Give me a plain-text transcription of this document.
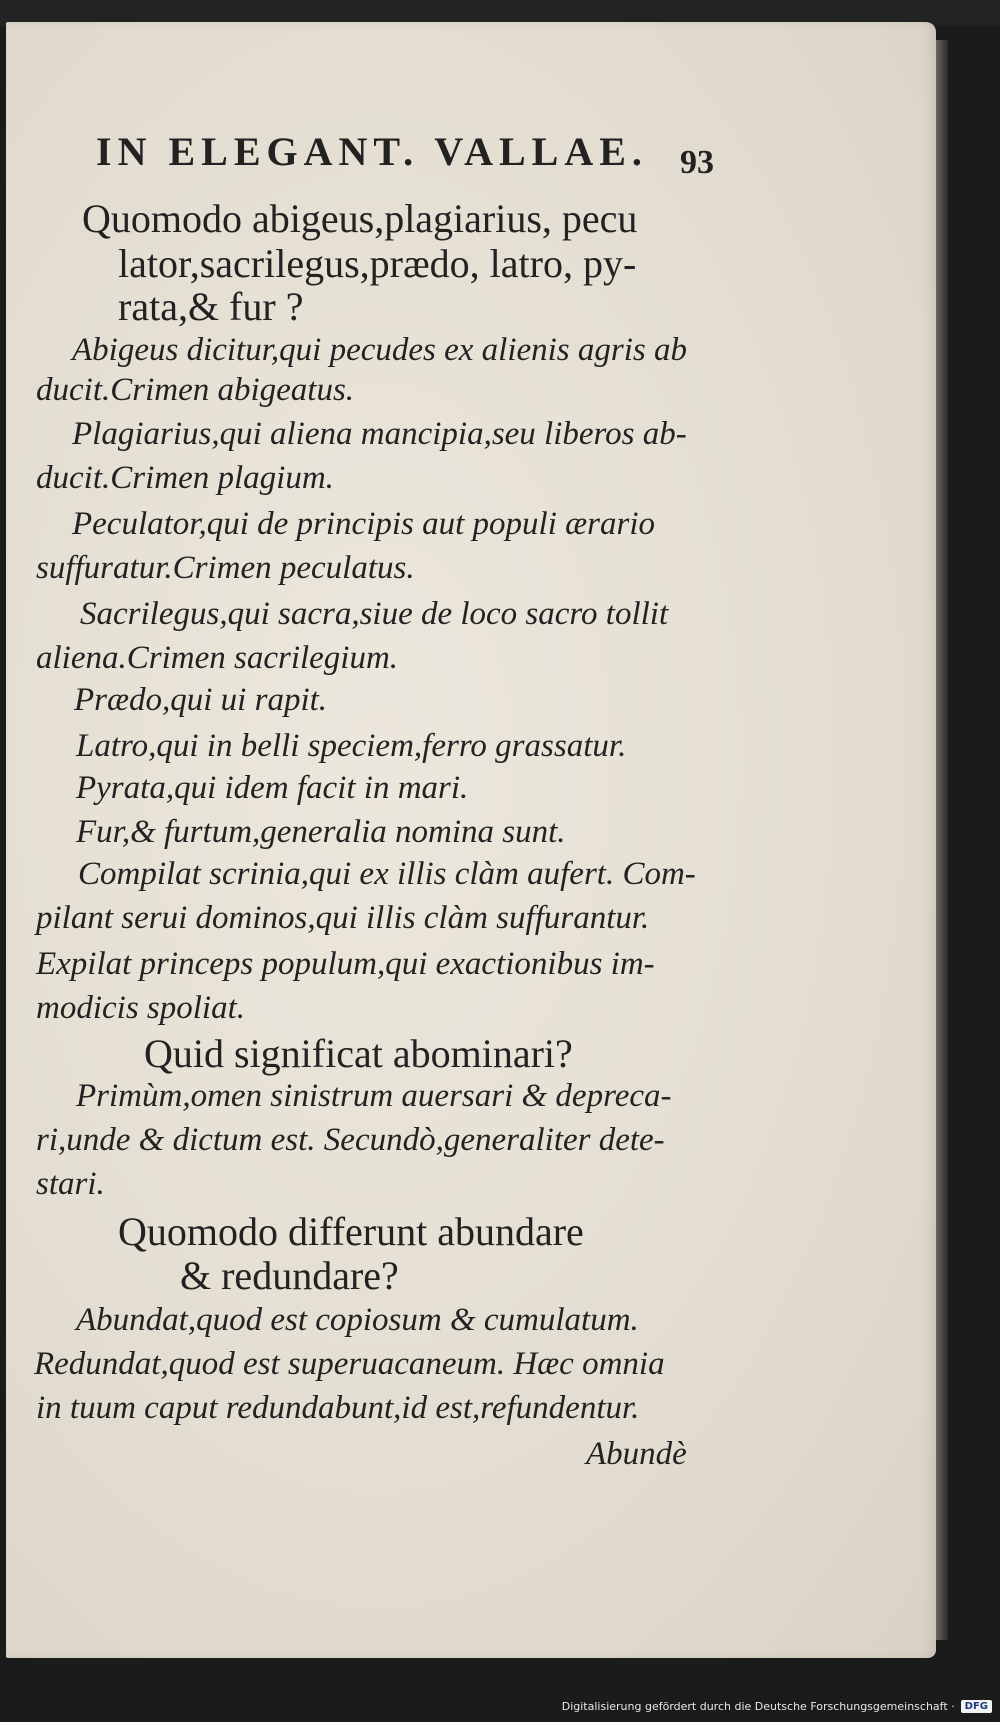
IN ELEGANT. VALLAE. 93
Quomodo abigeus,plagiarius, pecu
lator,sacrilegus,prædo, latro, py-
rata,& fur ?
Abigeus dicitur,qui pecudes ex alienis agris ab
ducit.Crimen abigeatus.
Plagiarius,qui aliena mancipia,seu liberos ab-
ducit.Crimen plagium.
Peculator,qui de principis aut populi ærario
suffuratur.Crimen peculatus.
Sacrilegus,qui sacra,siue de loco sacro tollit
aliena.Crimen sacrilegium.
Prædo,qui ui rapit.
Latro,qui in belli speciem,ferro grassatur.
Pyrata,qui idem facit in mari.
Fur,& furtum,generalia nomina sunt.
Compilat scrinia,qui ex illis clàm aufert. Com-
pilant serui dominos,qui illis clàm suffurantur.
Expilat princeps populum,qui exactionibus im-
modicis spoliat.
Quid significat abominari?
Primùm,omen sinistrum auersari & depreca-
ri,unde & dictum est. Secundò,generaliter dete-
stari.
Quomodo differunt abundare
& redundare?
Abundat,quod est copiosum & cumulatum.
Redundat,quod est superuacaneum. Hæc omnia
in tuum caput redundabunt,id est,refundentur.
Abundè
Digitalisierung gefördert durch die Deutsche Forschungsgemeinschaft ·	DFG
